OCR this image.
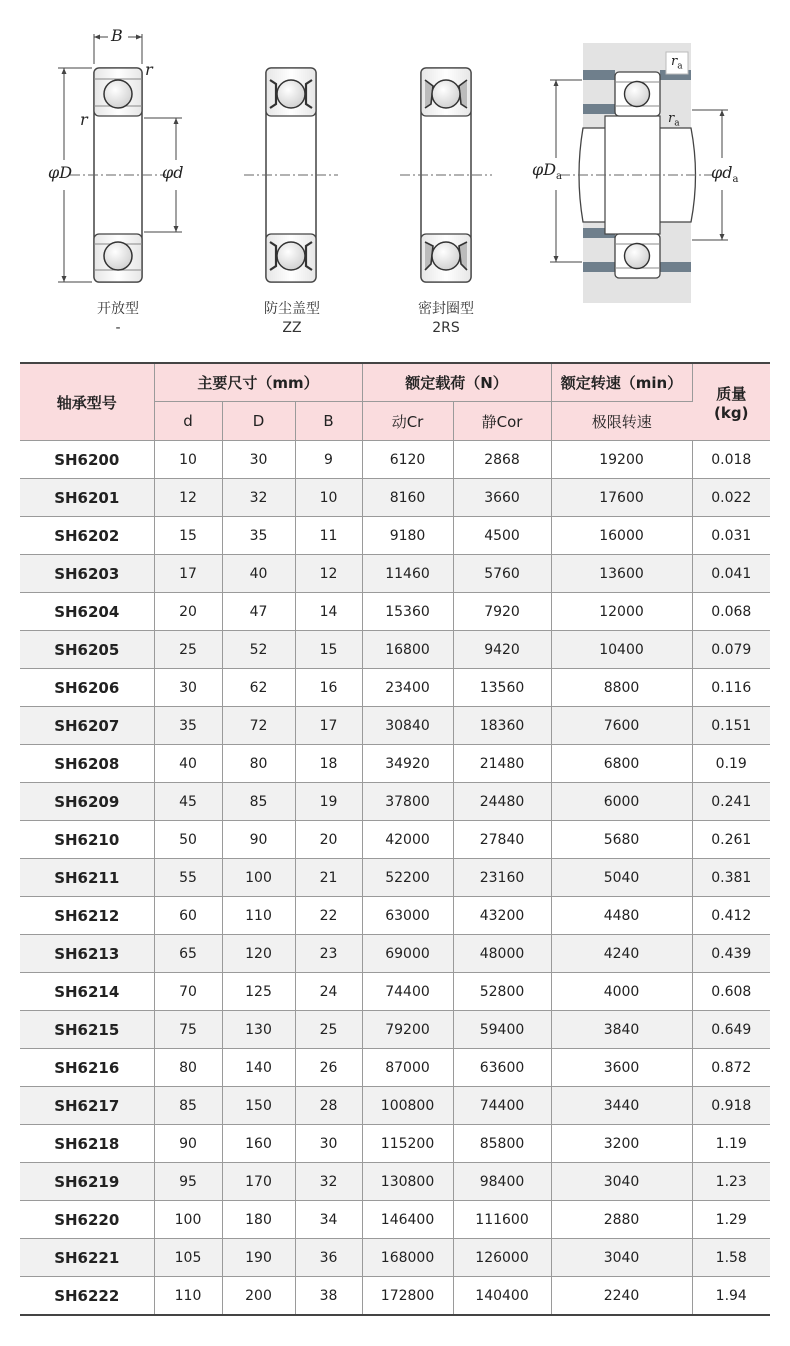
B
r
r
φD	φd
$r_a$
$r_a$
$\varphi D_a$	$\varphi d_a$
开放型
-
防尘盖型
ZZ
密封圈型
2RS
轴承型号	主要尺寸（mm）			额定载荷（N）		额定转速（min）	质量
(kg)

	d	D	B	动Cr	静Cor	极限转速	
SH6200	10	30	9	6120	2868	19200	0.018
SH6201	12	32	10	8160	3660	17600	0.022
SH6202	15	35	11	9180	4500	16000	0.031
SH6203	17	40	12	11460	5760	13600	0.041
SH6204	20	47	14	15360	7920	12000	0.068
SH6205	25	52	15	16800	9420	10400	0.079
SH6206	30	62	16	23400	13560	8800	0.116
SH6207	35	72	17	30840	18360	7600	0.151
SH6208	40	80	18	34920	21480	6800	0.19
SH6209	45	85	19	37800	24480	6000	0.241
SH6210	50	90	20	42000	27840	5680	0.261
SH6211	55	100	21	52200	23160	5040	0.381
SH6212	60	110	22	63000	43200	4480	0.412
SH6213	65	120	23	69000	48000	4240	0.439
SH6214	70	125	24	74400	52800	4000	0.608
SH6215	75	130	25	79200	59400	3840	0.649
SH6216	80	140	26	87000	63600	3600	0.872
SH6217	85	150	28	100800	74400	3440	0.918
SH6218	90	160	30	115200	85800	3200	1.19
SH6219	95	170	32	130800	98400	3040	1.23
SH6220	100	180	34	146400	111600	2880	1.29
SH6221	105	190	36	168000	126000	3040	1.58
SH6222	110	200	38	172800	140400	2240	1.94
